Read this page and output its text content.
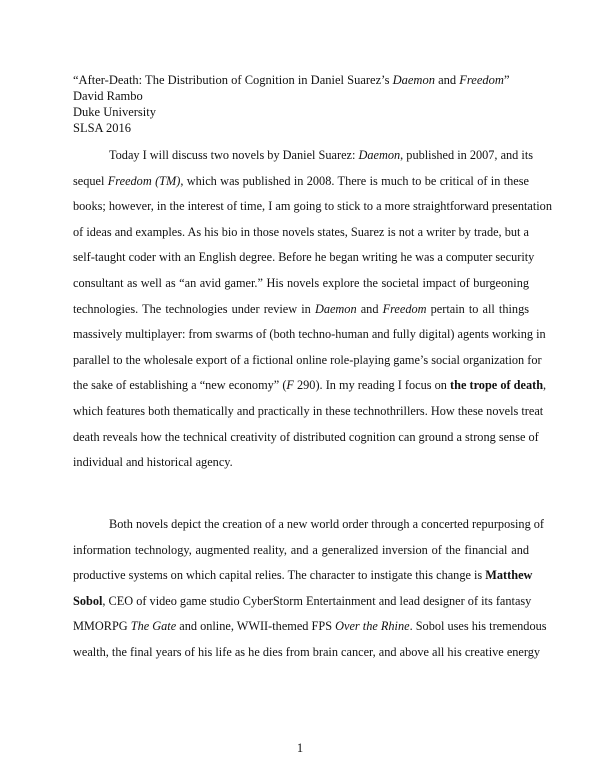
“After-Death: The Distribution of Cognition in Daniel Suarez’s Daemon and Freedom”
David Rambo
Duke University
SLSA 2016
Today I will discuss two novels by Daniel Suarez: Daemon, published in 2007, and its
sequel Freedom (TM), which was published in 2008. There is much to be critical of in these
books; however, in the interest of time, I am going to stick to a more straightforward presentation
of ideas and examples. As his bio in those novels states, Suarez is not a writer by trade, but a
self-taught coder with an English degree. Before he began writing he was a computer security
consultant as well as “an avid gamer.” His novels explore the societal impact of burgeoning
technologies. The technologies under review in Daemon and Freedom pertain to all things
massively multiplayer: from swarms of (both techno-human and fully digital) agents working in
parallel to the wholesale export of a fictional online role-playing game’s social organization for
the sake of establishing a “new economy” (F 290). In my reading I focus on the trope of death,
which features both thematically and practically in these technothrillers. How these novels treat
death reveals how the technical creativity of distributed cognition can ground a strong sense of
individual and historical agency.
Both novels depict the creation of a new world order through a concerted repurposing of
information technology, augmented reality, and a generalized inversion of the financial and
productive systems on which capital relies. The character to instigate this change is Matthew
Sobol, CEO of video game studio CyberStorm Entertainment and lead designer of its fantasy
MMORPG The Gate and online, WWII-themed FPS Over the Rhine. Sobol uses his tremendous
wealth, the final years of his life as he dies from brain cancer, and above all his creative energy
1
